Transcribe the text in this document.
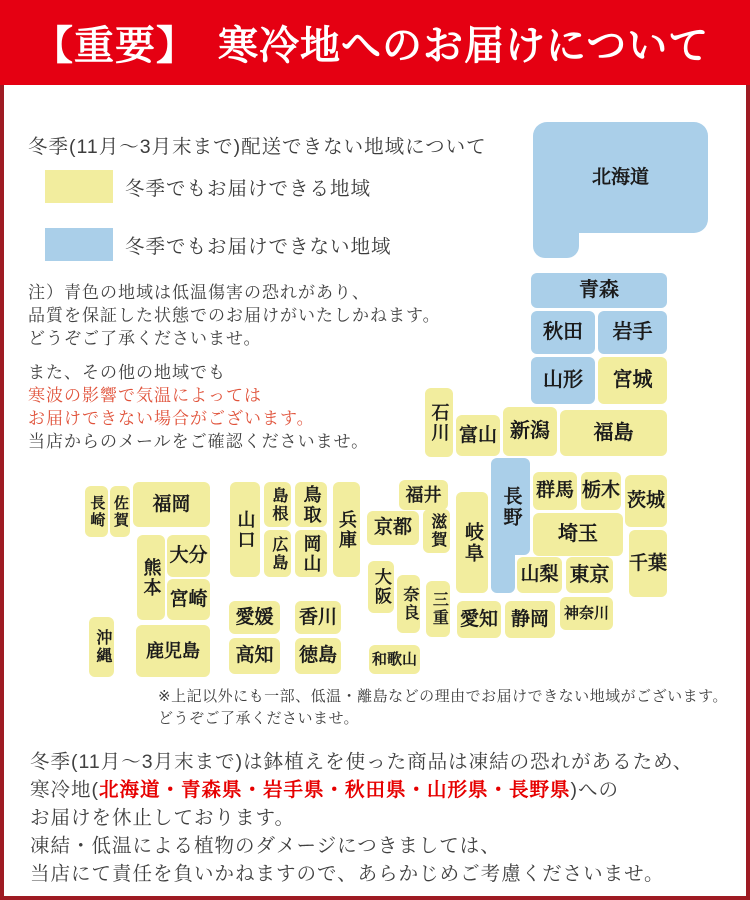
北海道
青森
秋田 岩手
山形 宮城
新潟 福島
石川 富山
群馬 栃木 茨城
埼玉
千葉
山梨 東京
神奈川
長野
岐阜
福井
滋賀
京都
愛知 静岡
大阪 奈良 三重
和歌山
兵庫
鳥取
岡山
島根
広島
山口
愛媛 香川
高知 徳島
福岡
佐賀
長崎
熊本
大分
宮崎
鹿児島
沖縄
【重要】　寒冷地へのお届けについて
冬季(11月～3月末まで)配送できない地域について
冬季でもお届けできる地域
冬季でもお届けできない地域
注）青色の地域は低温傷害の恐れがあり、
品質を保証した状態でのお届けがいたしかねます。
どうぞご了承くださいませ。
また、その他の地域でも
寒波の影響で気温によっては
お届けできない場合がございます。
当店からのメールをご確認くださいませ。
※上記以外にも一部、低温・離島などの理由でお届けできない地域がございます。
どうぞご了承くださいませ。
冬季(11月～3月末まで)は鉢植えを使った商品は凍結の恐れがあるため、
寒冷地(北海道・青森県・岩手県・秋田県・山形県・長野県)への
お届けを休止しております。
凍結・低温による植物のダメージにつきましては、
当店にて責任を負いかねますので、あらかじめご考慮くださいませ。
